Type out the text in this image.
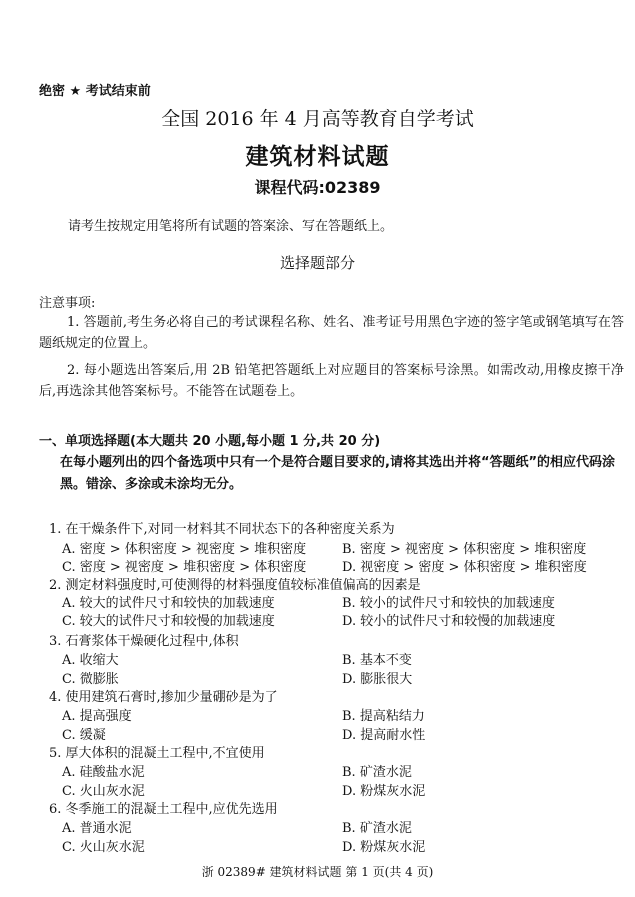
绝密 ★ 考试结束前
全国 2016 年 4 月高等教育自学考试
建筑材料试题
课程代码:02389
请考生按规定用笔将所有试题的答案涂、写在答题纸上。
选择题部分
注意事项:
1. 答题前,考生务必将自己的考试课程名称、姓名、准考证号用黑色字迹的签字笔或钢笔填写在答题纸规定的位置上。
2. 每小题选出答案后,用 2B 铅笔把答题纸上对应题目的答案标号涂黑。如需改动,用橡皮擦干净后,再选涂其他答案标号。不能答在试题卷上。
一、单项选择题(本大题共 20 小题,每小题 1 分,共 20 分)
在每小题列出的四个备选项中只有一个是符合题目要求的,请将其选出并将“答题纸”的相应代码涂黑。错涂、多涂或未涂均无分。
1. 在干燥条件下,对同一材料其不同状态下的各种密度关系为
A. 密度 > 体积密度 > 视密度 > 堆积密度	B. 密度 > 视密度 > 体积密度 > 堆积密度
C. 密度 > 视密度 > 堆积密度 > 体积密度	D. 视密度 > 密度 > 体积密度 > 堆积密度
2. 测定材料强度时,可使测得的材料强度值较标准值偏高的因素是
A. 较大的试件尺寸和较快的加载速度	B. 较小的试件尺寸和较快的加载速度
C. 较大的试件尺寸和较慢的加载速度	D. 较小的试件尺寸和较慢的加载速度
3. 石膏浆体干燥硬化过程中,体积
A. 收缩大	B. 基本不变
C. 微膨胀	D. 膨胀很大
4. 使用建筑石膏时,掺加少量硼砂是为了
A. 提高强度	B. 提高粘结力
C. 缓凝	D. 提高耐水性
5. 厚大体积的混凝土工程中,不宜使用
A. 硅酸盐水泥	B. 矿渣水泥
C. 火山灰水泥	D. 粉煤灰水泥
6. 冬季施工的混凝土工程中,应优先选用
A. 普通水泥	B. 矿渣水泥
C. 火山灰水泥	D. 粉煤灰水泥
浙 02389# 建筑材料试题 第 1 页(共 4 页)
